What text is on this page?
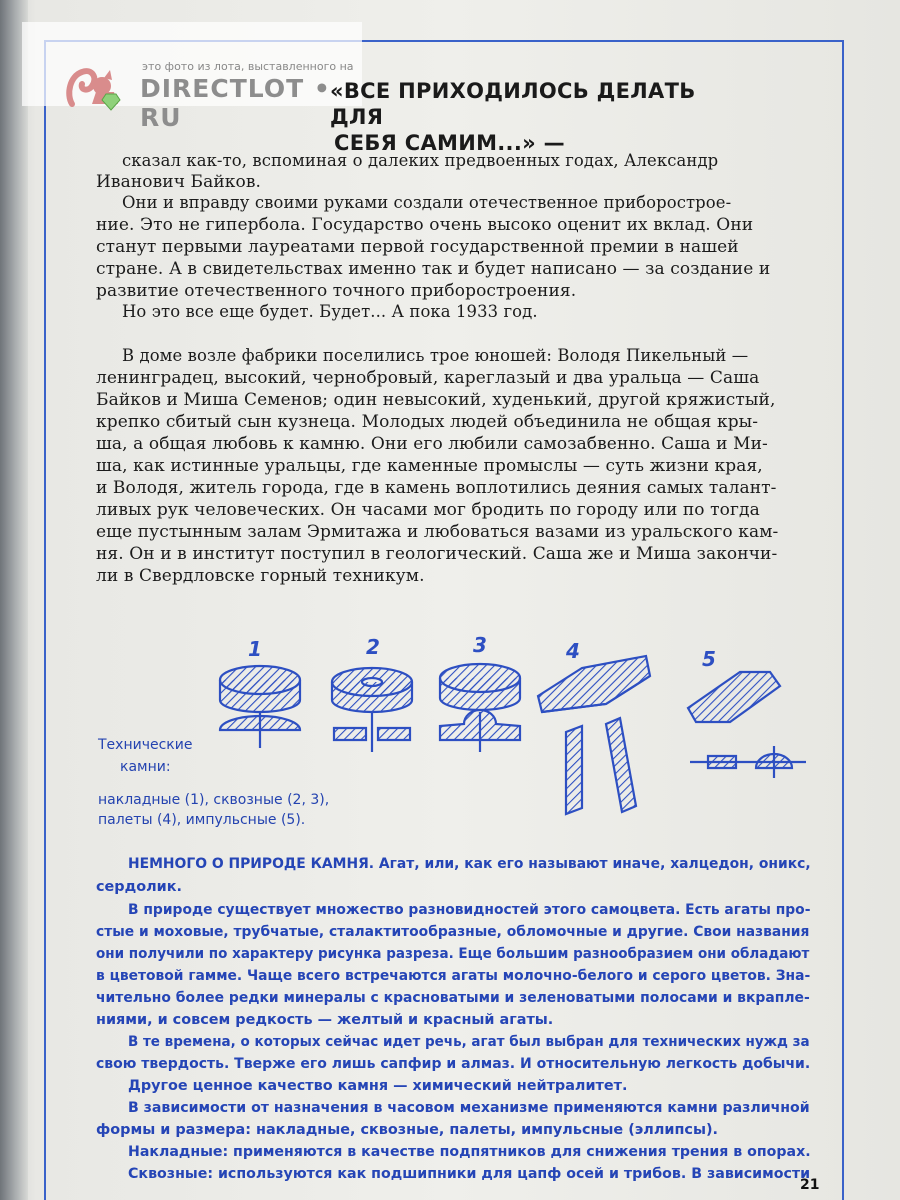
это фото из лота, выставленного на
DIRECTLOT • RU
«ВСЕ ПРИХОДИЛОСЬ ДЕЛАТЬ ДЛЯ
СЕБЯ САМИМ...» —
сказал как-то, вспоминая о далеких предвоенных годах, Александр
Иванович Байков.
Они и вправду своими руками создали отечественное приборострое-
ние. Это не гипербола. Государство очень высоко оценит их вклад. Они
станут первыми лауреатами первой государственной премии в нашей
стране. А в свидетельствах именно так и будет написано — за создание и
развитие отечественного точного приборостроения.
Но это все еще будет. Будет... А пока 1933 год.
В доме возле фабрики поселились трое юношей: Володя Пикельный —
ленинградец, высокий, чернобровый, кареглазый и два уральца — Саша
Байков и Миша Семенов; один невысокий, худенький, другой кряжистый,
крепко сбитый сын кузнеца. Молодых людей объединила не общая кры-
ша, а общая любовь к камню. Они его любили самозабвенно. Саша и Ми-
ша, как истинные уральцы, где каменные промыслы — суть жизни края,
и Володя, житель города, где в камень воплотились деяния самых талант-
ливых рук человеческих. Он часами мог бродить по городу или по тогда
еще пустынным залам Эрмитажа и любоваться вазами из уральского кам-
ня. Он и в институт поступил в геологический. Саша же и Миша закончи-
ли в Свердловске горный техникум.
1	2	3	4	5
Технические
камни:
накладные (1), сквозные (2, 3),
палеты (4), импульсные (5).
НЕМНОГО О ПРИРОДЕ КАМНЯ. Агат, или, как его называют иначе, халцедон, оникс,
сердолик.
В природе существует множество разновидностей этого самоцвета. Есть агаты про-
стые и моховые, трубчатые, сталактитообразные, обломочные и другие. Свои названия
они получили по характеру рисунка разреза. Еще большим разнообразием они обладают
в цветовой гамме. Чаще всего встречаются агаты молочно-белого и серого цветов. Зна-
чительно более редки минералы с красноватыми и зеленоватыми полосами и вкрапле-
ниями, и совсем редкость — желтый и красный агаты.
В те времена, о которых сейчас идет речь, агат был выбран для технических нужд за
свою твердость. Тверже его лишь сапфир и алмаз. И относительную легкость добычи.
Другое ценное качество камня — химический нейтралитет.
В зависимости от назначения в часовом механизме применяются камни различной
формы и размера: накладные, сквозные, палеты, импульсные (эллипсы).
Накладные: применяются в качестве подпятников для снижения трения в опорах.
Сквозные: используются как подшипники для цапф осей и трибов. В зависимости
21
